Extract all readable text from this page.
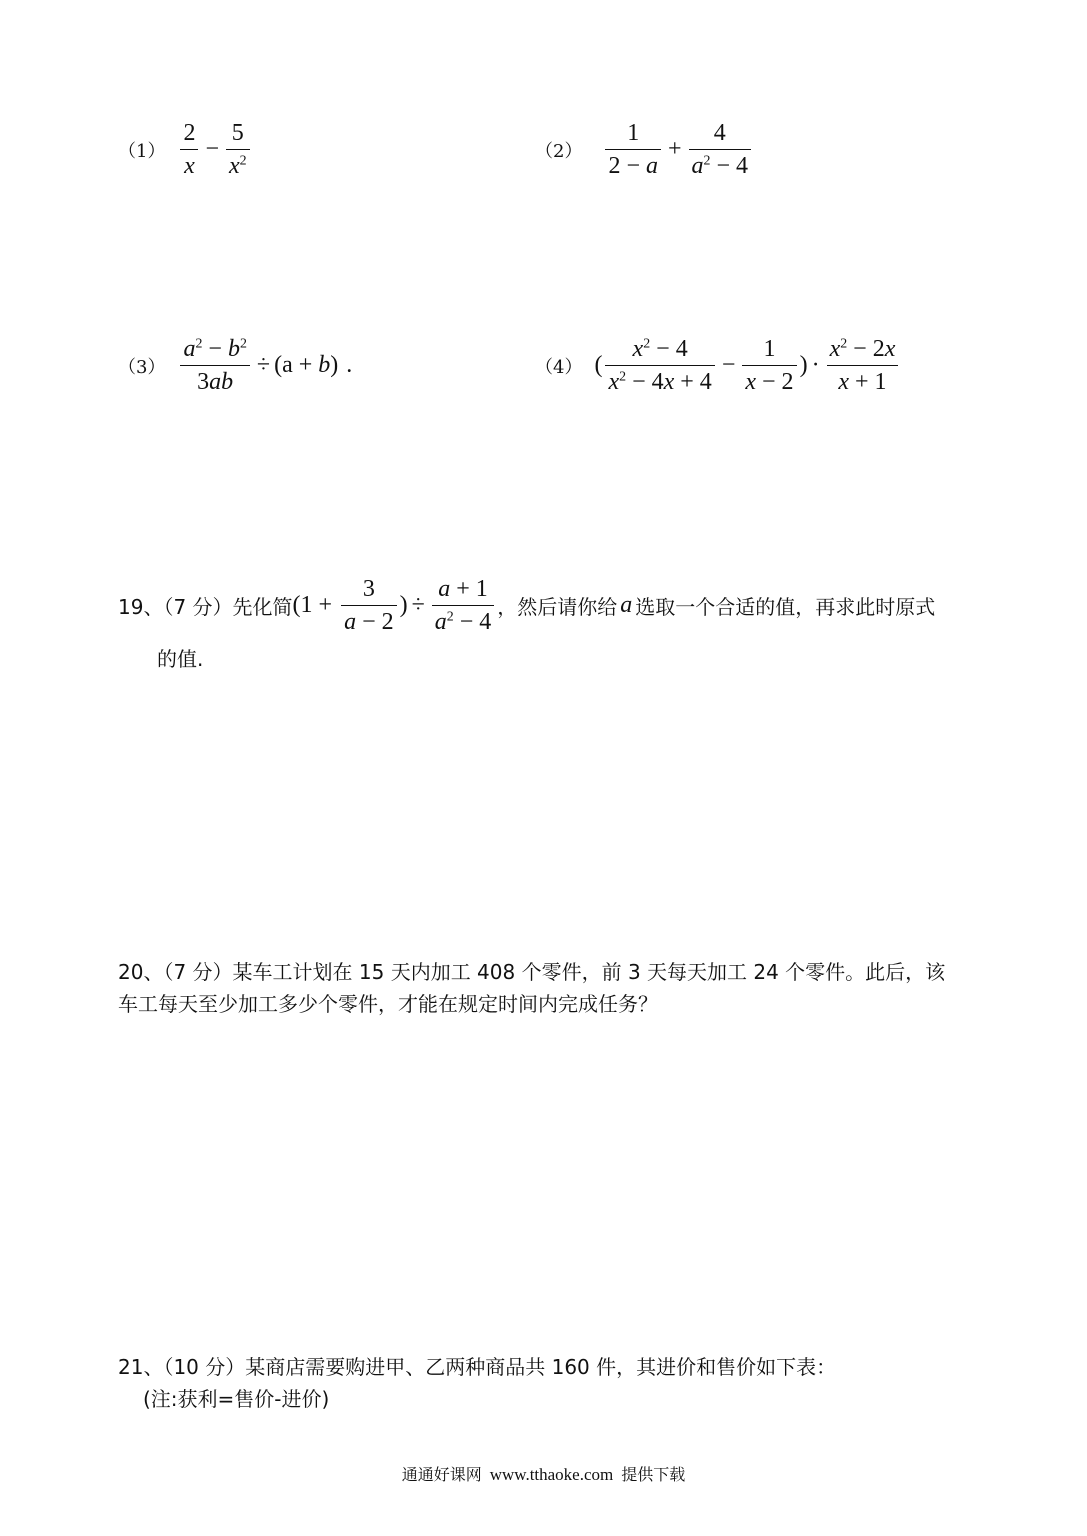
$(1) \frac{2}{x} - \frac{5}{x^2}$	$(2) \frac{1}{2 - a} + \frac{4}{a^2 - 4}$
$(3) \frac{a^2 - b^2}{3ab} \div (a + b$ ) .	（4） ( $\frac{x^2 - 4}{x^2 - 4x + 4} - \frac{1}{x - 2}$ ) · $\frac{x^2 - 2x}{x + 1}$
19、（7 分）先化简 ($1 + \frac{3}{a - 2}$ ) ÷ $\frac{a + 1}{a^2 - 4}$ ，然后请你给 a 选取一个合适的值，再求此时原式
的值.
20、（7 分）某车工计划在 15 天内加工 408 个零件，前 3 天每天加工 24 个零件。此后，该
车工每天至少加工多少个零件，才能在规定时间内完成任务？
21、（10 分）某商店需要购进甲、乙两种商品共 160 件，其进价和售价如下表：
(注:获利=售价-进价)
通通好课网 www.tthaoke.com 提供下载
